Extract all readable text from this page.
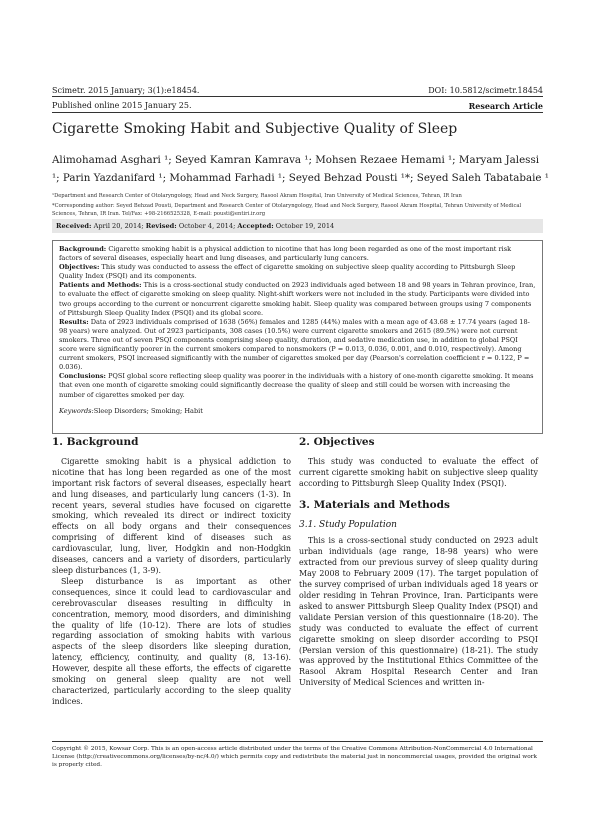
Scimetr. 2015 January; 3(1):e18454.	DOI: 10.5812/scimetr.18454
Published online 2015 January 25.	Research Article
Cigarette Smoking Habit and Subjective Quality of Sleep
Alimohamad Asghari ¹; Seyed Kamran Kamrava ¹; Mohsen Rezaee Hemami ¹; Maryam Jalessi
¹; Parin Yazdanifard ¹; Mohammad Farhadi ¹; Seyed Behzad Pousti ¹*; Seyed Saleh Tabatabaie ¹
¹Department and Research Center of Otolaryngology, Head and Neck Surgery, Rasool Akram Hospital, Iran University of Medical Sciences, Tehran, IR Iran
*Corresponding author: Seyed Behzad Pousti, Department and Research Center of Otolaryngology, Head and Neck Surgery, Rasool Akram Hospital, Tehran University of Medical Sciences, Tehran, IR Iran. Tel/Fax: +98-2166525328, E-mail: pousti@entiri.ir.org
Received: April 20, 2014; Revised: October 4, 2014; Accepted: October 19, 2014

Background: Cigarette smoking habit is a physical addiction to nicotine that has long been regarded as one of the most important risk factors of several diseases, especially heart and lung diseases, and particularly lung cancers.

Objectives: This study was conducted to assess the effect of cigarette smoking on subjective sleep quality according to Pittsburgh Sleep Quality Index (PSQI) and its components.

Patients and Methods: This is a cross-sectional study conducted on 2923 individuals aged between 18 and 98 years in Tehran province, Iran, to evaluate the effect of cigarette smoking on sleep quality. Night-shift workers were not included in the study. Participants were divided into two groups according to the current or noncurrent cigarette smoking habit. Sleep quality was compared between groups using 7 components of Pittsburgh Sleep Quality Index (PSQI) and its global score.

Results: Data of 2923 individuals comprised of 1638 (56%) females and 1285 (44%) males with a mean age of 43.68 ± 17.74 years (aged 18-98 years) were analyzed. Out of 2923 participants, 308 cases (10.5%) were current cigarette smokers and 2615 (89.5%) were not current smokers. Three out of seven PSQI components comprising sleep quality, duration, and sedative medication use, in addition to global PSQI score were significantly poorer in the current smokers compared to nonsmokers (P = 0.013, 0.036, 0.001, and 0.010, respectively). Among current smokers, PSQI increased significantly with the number of cigarettes smoked per day (Pearson's correlation coefficient r = 0.122, P = 0.036).

Conclusions: PQSI global score reflecting sleep quality was poorer in the individuals with a history of one-month cigarette smoking. It means that even one month of cigarette smoking could significantly decrease the quality of sleep and still could be worsen with increasing the number of cigarettes smoked per day.

Keywords:Sleep Disorders; Smoking; Habit

1. Background

Cigarette smoking habit is a physical addiction to nicotine that has long been regarded as one of the most important risk factors of several diseases, especially heart and lung diseases, and particularly lung cancers (1-3). In recent years, several studies have focused on cigarette smoking, which revealed its direct or indirect toxicity effects on all body organs and their consequences comprising of different kind of diseases such as cardiovascular, lung, liver, Hodgkin and non-Hodgkin diseases, cancers and a variety of disorders, particularly sleep disturbances (1, 3-9).

Sleep disturbance is as important as other consequences, since it could lead to cardiovascular and cerebrovascular diseases resulting in difficulty in concentration, memory, mood disorders, and diminishing the quality of life (10-12). There are lots of studies regarding association of smoking habits with various aspects of the sleep disorders like sleeping duration, latency, efficiency, continuity, and quality (8, 13-16). However, despite all these efforts, the effects of cigarette smoking on general sleep quality are not well characterized, particularly according to the sleep quality indices.

2. Objectives

This study was conducted to evaluate the effect of current cigarette smoking habit on subjective sleep quality according to Pittsburgh Sleep Quality Index (PSQI).

3. Materials and Methods
3.1. Study Population

This is a cross-sectional study conducted on 2923 adult urban individuals (age range, 18-98 years) who were extracted from our previous survey of sleep quality during May 2008 to February 2009 (17). The target population of the survey comprised of urban individuals aged 18 years or older residing in Tehran Province, Iran. Participants were asked to answer Pittsburgh Sleep Quality Index (PSQI) and validate Persian version of this questionnaire (18-20). The study was conducted to evaluate the effect of current cigarette smoking on sleep disorder according to PSQI (Persian version of this questionnaire) (18-21). The study was approved by the Institutional Ethics Committee of the Rasool Akram Hospital Research Center and Iran University of Medical Sciences and written in-

Copyright © 2015, Kowsar Corp. This is an open-access article distributed under the terms of the Creative Commons Attribution-NonCommercial 4.0 International License (http://creativecommons.org/licenses/by-nc/4.0/) which permits copy and redistribute the material just in noncommercial usages, provided the original work is properly cited.
